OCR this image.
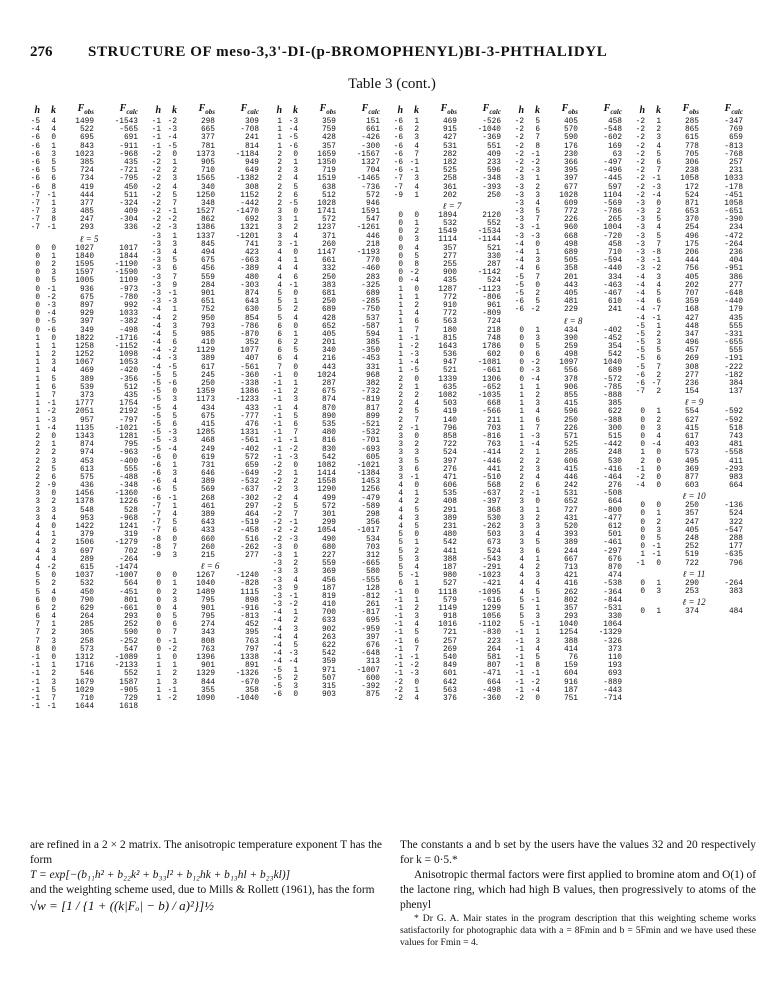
276 STRUCTURE OF meso-3,3'-DI-(p-BROMOPHENYL)BI-3-PHTHALIDYL
Table 3 (cont.)
h	k	$F_{obs}$	$F_{calc}$
-5	4	1499	-1543
-4	4	522	-565
-6	0	695	691
-6	1	843	-911
-6	3	1023	-968
-6	5	385	435
-6	5	724	-721
-6	6	734	-795
-6	8	419	450
-7 -1	444	511
-7	1	377	-324
-7	3	485	409
-7	8	247	-304
-7 -1	293	336
ℓ = 5
0	0	1027	1017
0	1	1840	1844
0	2	1595	-1190
0	3	1597	-1590
0	5	1005	1109
0 -1	936	-973
0 -2	675	-780
0 -3	897	992
0 -4	929	1033
0 -5	397	-382
0 -6	349	-498
1	0	1822	-1716
1	1	1258	-1152
1	2	1252	1098
1	3	1067	1053
1	4	469	-420
1	5	389	-356
1	6	539	512
1	7	373	435
1 -1	1777	1754
1 -2	2051	2192
1 -3	957	-797
1 -4	1135	-1021
2	0	1343	1281
2	1	874	795
2	2	974	-963
2	3	453	-400
2	5	613	555
2	6	575	-488
2 -9	436	-348
3	0	1456	-1360
3	2	1378	1226
3	3	548	528
3	4	953	-968
4	0	1422	1241
4	1	379	319
4	2	1506	-1279
4	3	697	702
4	4	289	-264
4 -2	615	-1474
5	0	1037	-1007
5	2	532	564
5	4	450	-451
6	0	790	801
6	2	629	-661
6	4	264	293
7	1	285	252
7	2	305	590
7	3	258	-252
8	0	573	547
-1	0	1312	-1089
-1	1	1716	-2133
-1	2	546	552
-1	3	1679	1587
-1	5	1029	-905
-1	7	710	729
-1 -1	1644	1618
h	k	$F_{obs}$	$F_{calc}$
-1 -2	298	309
-1 -3	665	-708
-1 -4	377	241
-1 -5	781	814
-2	0	1373	-1184
-2	1	905	949
-2	2	710	649
-2	3	1565	-1382
-2	4	340	308
-2	5	1250	1152
-2	7	348	-442
-2 -1	1527	-1470
-2 -2	862	692
-2 -3	1386	1321
-3	1	1337	-1201
-3	3	845	741
-3	4	494	423
-3	5	675	-663
-3	6	456	-389
-3	7	559	480
-3	9	284	-303
-3 -1	901	874
-3 -3	651	643
-4	1	752	630
-4	2	950	854
-4	3	793	-786
-4	5	985	-870
-4	6	410	352
-4 -2	1129	1077
-4 -3	389	407
-4 -5	617	-561
-5	5	245	-360
-5 -6	250	-338
-5	0	1359	1386
-5	3	1173	-1233
-5	4	434	433
-5	5	675	-777
-5	6	415	476
-5 -3	1285	1331
-5 -3	468	-561
-5 -4	249	-402
-6	0	619	572
-6	1	731	659
-6	3	646	-649
-6	4	389	-532
-6	5	569	-637
-6 -1	268	-302
-7	1	461	297
-7	4	389	464
-7	5	643	-519
-7	6	433	-458
-8	0	660	516
-8	7	260	-262
-9	3	215	277
ℓ = 6
0	0	1267	-1240
0	1	1040	-828
0	2	1489	1115
0	3	795	898
0	4	901	-916
0	5	795	-813
0	6	274	452
0	7	343	395
0 -1	808	763
0 -2	763	797
1	0	1396	1338
1	1	901	891
1	2	1329	-1326
1	3	844	-670
1 -1	355	358
1 -2	1090	-1040
h	k	$F_{obs}$	$F_{calc}$
1 -3	359	151
1 -4	759	661
1 -5	428	-426
1 -6	357	-300
2	0	1659	-1567
2	1	1350	1327
2	3	719	704
2	4	1519	-1465
2	5	638	-736
2	6	512	572
2 -5	1028	946
3	0	1741	1591
3	1	572	547
3	2	1237	-1261
3	4	371	446
3 -1	260	218
4	0	1147	-1193
4	1	661	770
4	4	332	-460
4	6	250	283
4 -1	383	-325
5	0	681	689
5	1	250	-285
5	2	689	-750
5	4	428	537
6	0	652	-587
6	1	405	594
6	2	201	385
6	5	340	-350
6	4	216	-453
7	0	443	331
-1	0	1024	968
-1	1	287	382
-1	2	675	-732
-1	3	874	-819
-1	4	870	817
-1	5	890	899
-1	6	535	-521
-1	7	480	-532
-1 -1	816	-701
-1 -2	830	-693
-1 -3	542	605
-2	0	1082	-1021
-2	1	1414	-1384
-2	2	1558	1453
-2	3	1290	1256
-2	4	499	-479
-2	5	572	-589
-2	7	301	298
-2 -1	299	356
-2 -2	1054	-1017
-2 -3	490	534
-3	0	680	703
-3	1	227	312
-3	2	559	-665
-3	3	369	580
-3	4	456	-555
-3	9	187	128
-3 -1	819	-812
-3 -2	410	261
-4	1	700	-817
-4	2	633	695
-4	3	902	-959
-4	4	263	397
-4	5	622	676
-4 -3	542	-648
-4 -4	359	313
-5	1	971	-1007
-5	2	507	600
-5	3	315	-392
-6	0	903	875
h	k	$F_{obs}$	$F_{calc}$
-6	1	469	-526
-6	2	915	-1040
-6	3	427	-369
-6	4	531	551
-6	7	282	409
-6 -1	182	233
-6 -1	525	596
-7	3	258	-348
-7	4	361	-393
-9	1	202	250
ℓ = 7
0	0	1894	2120
0	1	532	552
0	2	1549	-1534
0	3	1114	-1144
0	4	357	521
0	5	277	330
0	8	255	287
0 -2	900	-1142
0 -4	435	524
1	0	1287	-1123
1	1	772	-806
1	2	910	961
1	4	772	-809
1	6	563	724
1	7	180	218
1 -1	815	748
1 -2	1643	1786
1 -3	536	602
1 -4	947	-1081
1 -5	521	-661
2	0	1339	1306
2	1	635	-652
2	2	1082	-1035
2	4	503	668
2	5	419	-566
2	7	140	211
2 -1	796	703
3	0	858	-816
3	2	722	763
3	3	524	-414
3	5	397	-446
3	6	276	441
3 -1	471	-510
4	0	606	568
4	1	535	-637
4	2	408	-397
4	5	291	368
4	3	389	530
4	5	231	-262
5	0	480	503
5	1	542	673
5	2	441	524
5	3	388	-543
5	4	187	-291
5 -1	980	-1023
6	1	527	-421
-1	0	1118	-1095
-1	1	579	-616
-1	2	1149	1299
-1	3	918	1056
-1	4	1016	-1102
-1	5	721	-830
-1	6	257	223
-1	7	269	264
-1 -1	540	581
-1 -2	849	807
-1 -3	601	-471
-2	0	642	664
-2	1	563	-498
-2	4	376	-360
h	k	$F_{obs}$	$F_{calc}$
-2	5	405	458
-2	6	570	-548
-2	7	590	-602
-2	8	176	169
-2 -1	230	63
-2 -2	366	-497
-2 -3	395	-496
-3	1	397	-445
-3	2	677	597
-3	3	1028	1104
-3	4	609	-569
-3	5	772	-786
-3	7	226	265
-3 -1	960	1004
-3 -3	668	-720
-4	0	498	458
-4	1	689	710
-4	3	505	-594
-4	6	358	-440
-5	7	201	334
-5	0	443	-463
-5	2	405	-467
-6	5	481	610
-6 -2	229	241
ℓ = 8
0	1	434	-402
0	3	390	-452
0	5	259	354
0	6	498	542
0 -2	1097	1040
0 -3	556	689
0 -4	378	-572
1	1	906	-785
1	2	855	-888
1	3	415	385
1	4	596	622
1	6	250	-388
1	7	226	300
1 -3	571	515
1 -4	525	-442
2	1	285	248
2	2	606	530
2	3	415	-416
2	4	446	-464
2	6	242	276
2 -1	531	-508
3	0	652	664
3	1	727	-800
3	2	431	-477
3	3	520	612
3	4	393	501
3	5	389	-461
3	6	244	-297
4	1	667	676
4	2	713	870
4	3	421	474
4	4	416	-538
4	5	262	-364
5 -1	802	-844
5	1	357	-531
5	3	293	330
5 -1	1040	1064
-1	1	1254	-1329
-1	3	388	-326
-1	4	414	373
-1	5	76	110
-1	8	159	193
-1 -1	604	693
-1 -2	916	-889
-1 -4	187	-443
-2	0	751	-714
h	k	$F_{obs}$	$F_{calc}$
-2	1	285	-347
-2	2	865	769
-2	3	615	659
-2	4	778	-813
-2	5	705	-768
-2	6	306	257
-2	7	238	231
-2 -1	1058	1033
-2 -3	172	-178
-2 -4	524	-451
-3	0	871	1058
-3	2	653	-651
-3	5	370	-390
-3	4	254	234
-3	5	496	-472
-3	7	175	-264
-3 -8	206	236
-3 -1	444	404
-3 -2	756	-951
-4	3	405	386
-4	4	202	277
-4	5	707	-648
-4	6	359	-440
-4 -7	168	179
-4 -1	427	435
-5	1	448	555
-5	2	347	-331
-5	3	496	-655
-5	5	457	555
-5	6	269	-191
-5	7	308	-222
-6	2	277	-182
-6 -7	236	384
-7	2	154	137
ℓ = 9
0	1	554	-592
0	2	627	-592
0	3	415	518
0	4	617	743
0 -4	403	481
1	0	573	-558
2	0	495	411
-1	0	369	-293
-2	0	877	983
-4	0	603	664
ℓ = 10
0	0	250	-136
0	1	357	524
0	2	247	322
0	3	405	-547
0	5	248	288
0 -1	252	177
1 -1	519	-635
-1	0	722	796
ℓ = 11
0	1	290	-264
0	3	253	383
ℓ = 12
0	1	374	484

are refined in a 2 × 2 matrix. The anisotropic temperature exponent T has the form

T = exp[−(b₁₁h² + b₂₂k² + b₃₃l² + b₁₂hk + b₁₃hl + b₂₃kl)]

and the weighting scheme used, due to Mills & Rollett (1961), has the form

√w = [1 / {1 + ((k|Fₒ| − b) / a)²}]½

The constants a and b set by the users have the values 32 and 20 respectively for k = 0·5.*

Anisotropic thermal factors were first applied to bromine atom and O(1) of the lactone ring, which had high B values, then progressively to atoms of the phenyl

* Dr G. A. Mair states in the program description that this weighting scheme works satisfactorily for photographic data with a = 8Fmin and b = 5Fmin and we have used these values for Fmin = 4.
